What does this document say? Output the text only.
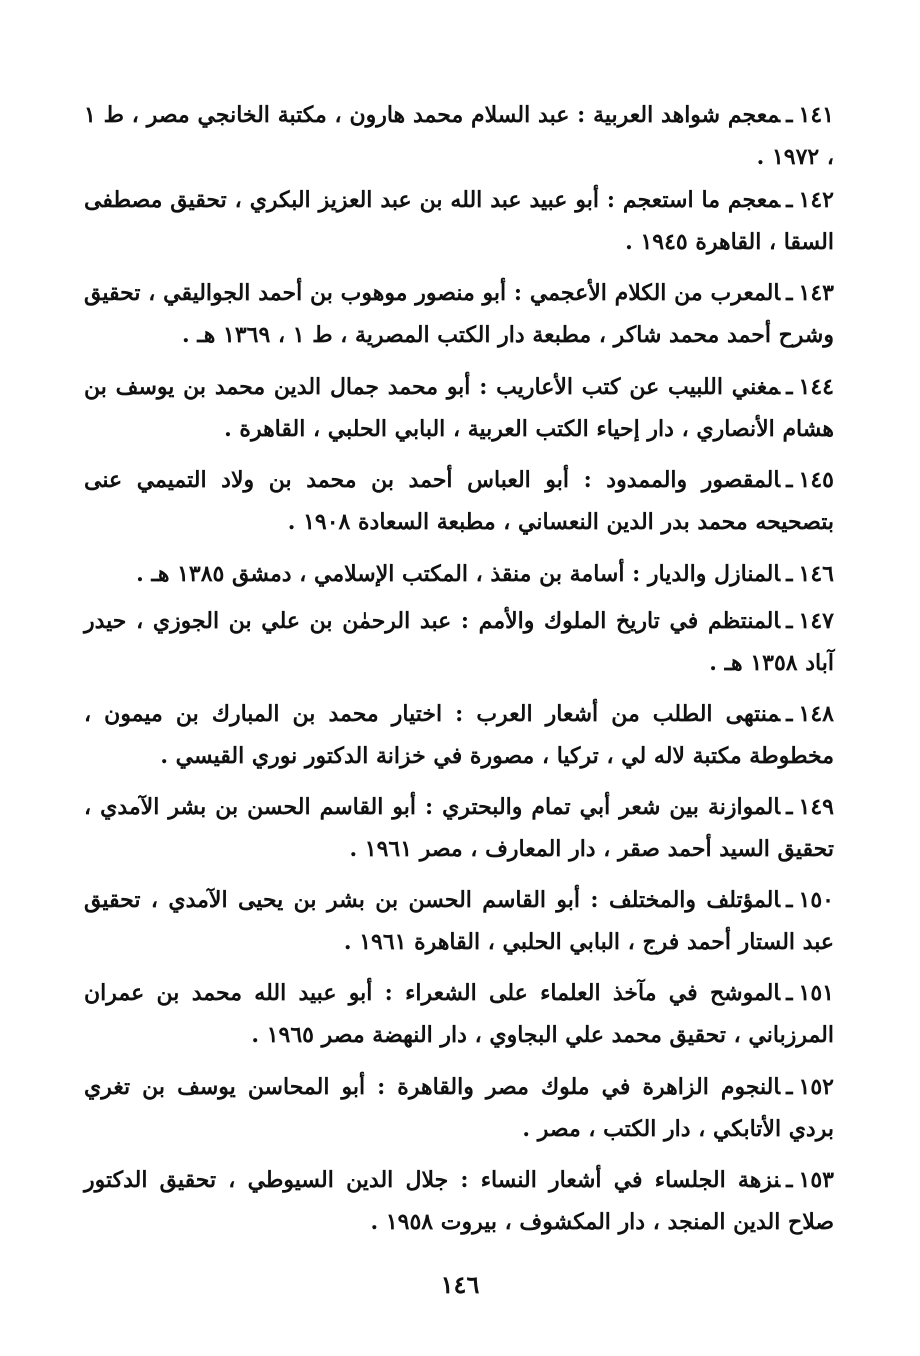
١٤١ـمعجم شواهد العربية : عبد السلام محمد هارون ، مكتبة الخانجي مصر ، ط ١ ، ١٩٧٢ .
١٤٢ـمعجم ما استعجم : أبو عبيد عبد الله بن عبد العزيز البكري ، تحقيق مصطفى السقا ، القاهرة ١٩٤٥ .
١٤٣ـالمعرب من الكلام الأعجمي : أبو منصور موهوب بن أحمد الجواليقي ، تحقيق وشرح أحمد محمد شاكر ، مطبعة دار الكتب المصرية ، ط ١ ، ١٣٦٩ هـ .
١٤٤ـمغني اللبيب عن كتب الأعاريب : أبو محمد جمال الدين محمد بن يوسف بن هشام الأنصاري ، دار إحياء الكتب العربية ، البابي الحلبي ، القاهرة .
١٤٥ـالمقصور والممدود : أبو العباس أحمد بن محمد بن ولاد التميمي عنى بتصحيحه محمد بدر الدين النعساني ، مطبعة السعادة ١٩٠٨ .
١٤٦ـالمنازل والديار : أسامة بن منقذ ، المكتب الإسلامي ، دمشق ١٣٨٥ هـ .
١٤٧ـالمنتظم في تاريخ الملوك والأمم : عبد الرحمٰن بن علي بن الجوزي ، حيدر آباد ١٣٥٨ هـ .
١٤٨ـمنتهى الطلب من أشعار العرب : اختيار محمد بن المبارك بن ميمون ، مخطوطة مكتبة لاله لي ، تركيا ، مصورة في خزانة الدكتور نوري القيسي .
١٤٩ـالموازنة بين شعر أبي تمام والبحتري : أبو القاسم الحسن بن بشر الآمدي ، تحقيق السيد أحمد صقر ، دار المعارف ، مصر ١٩٦١ .
١٥٠ـالمؤتلف والمختلف : أبو القاسم الحسن بن بشر بن يحيى الآمدي ، تحقيق عبد الستار أحمد فرج ، البابي الحلبي ، القاهرة ١٩٦١ .
١٥١ـالموشح في مآخذ العلماء على الشعراء : أبو عبيد الله محمد بن عمران المرزباني ، تحقيق محمد علي البجاوي ، دار النهضة مصر ١٩٦٥ .
١٥٢ـالنجوم الزاهرة في ملوك مصر والقاهرة : أبو المحاسن يوسف بن تغري بردي الأتابكي ، دار الكتب ، مصر .
١٥٣ـنزهة الجلساء في أشعار النساء : جلال الدين السيوطي ، تحقيق الدكتور صلاح الدين المنجد ، دار المكشوف ، بيروت ١٩٥٨ .
١٤٦
